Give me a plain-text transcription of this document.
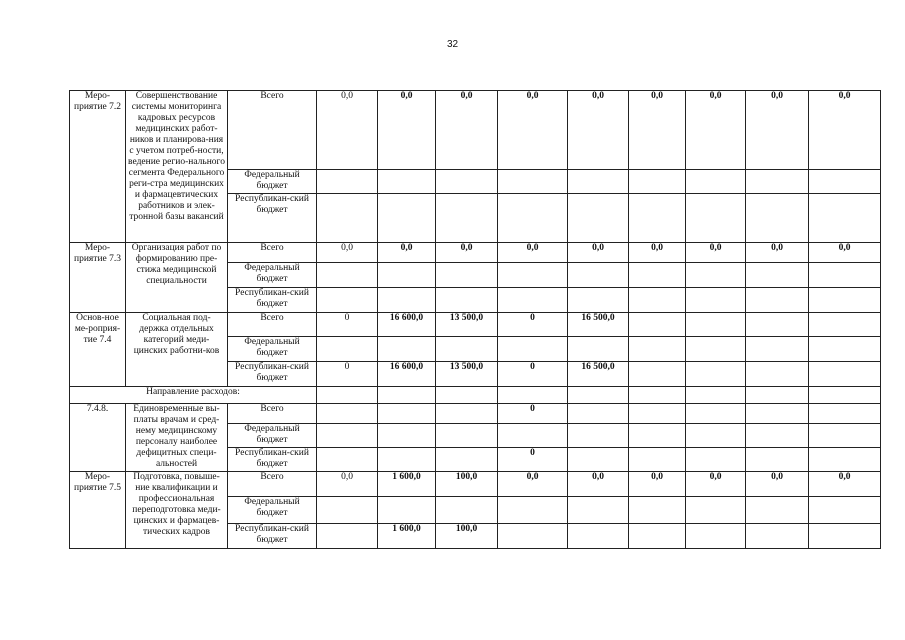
32
Меро-приятие 7.2	Совершенствование системы мониторинга кадровых ресурсов медицинских работ-ников и планирова-ния с учетом потреб-ности, ведение регио-нального сегмента Федерального реги-стра медицинских и фармацевтических работников и элек-тронной базы ваканcий	Всего	0,0	0,0	0,0	0,0	0,0	0,0	0,0	0,0	0,0
		Федеральный бюджет									
		Республикан-ский бюджет									
Меро-приятие 7.3	Организация работ по формированию пре-стижа медицинской специальности	Всего	0,0	0,0	0,0	0,0	0,0	0,0	0,0	0,0	0,0
		Федеральный бюджет									
		Республикан-ский бюджет									
Основ-ное ме-роприя-тие 7.4	Социальная под-держка отдельных категорий меди-цинских работни-ков	Всего	0	16 600,0	13 500,0	0	16 500,0				
		Федеральный бюджет									
		Республикан-ский бюджет	0	16 600,0	13 500,0	0	16 500,0				
Направление расходов:											
7.4.8.	Единовременные вы-платы врачам и сред-нему медицинскому персоналу наиболее дефицитных специ-альностей	Всего				0					
		Федеральный бюджет									
		Республикан-ский бюджет				0					
Меро-приятие 7.5	Подготовка, повыше-ние квалификации и профессиональная переподготовка меди-цинских и фармацев-тических кадров	Всего	0,0	1 600,0	100,0	0,0	0,0	0,0	0,0	0,0	0,0
		Федеральный бюджет									
		Республикан-ский бюджет		1 600,0	100,0						
